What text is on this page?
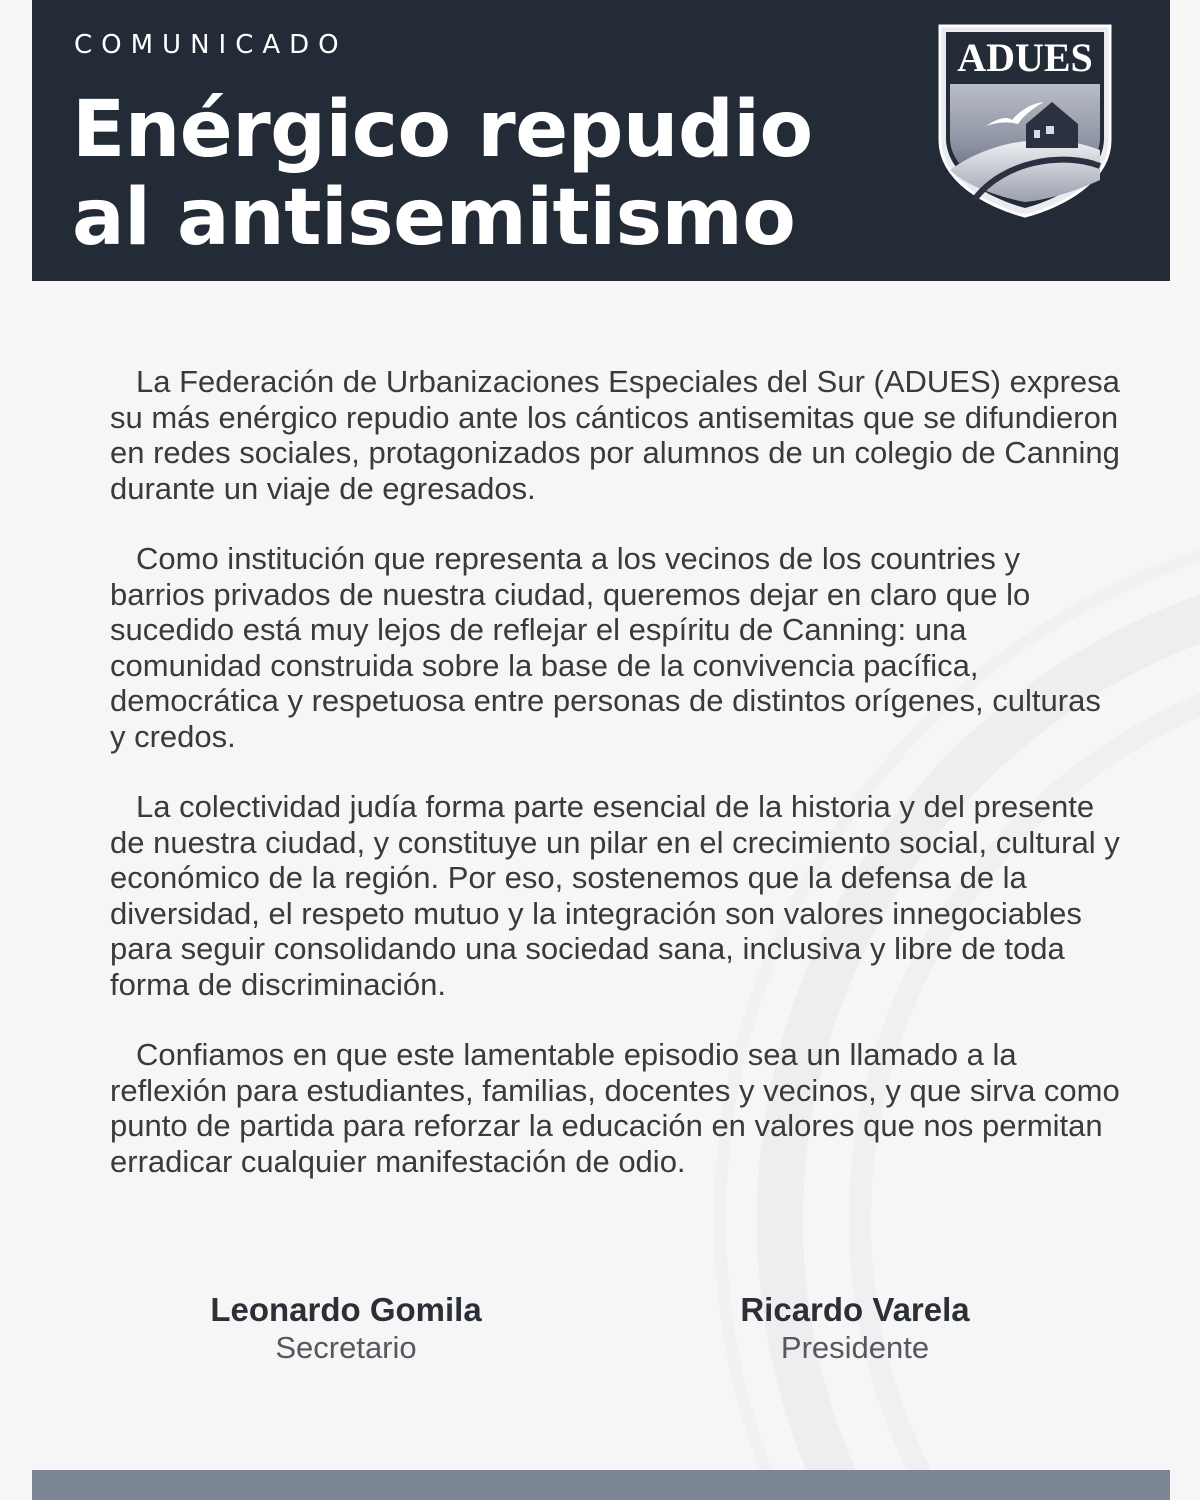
COMUNICADO
Enérgico repudio
al antisemitismo
ADUES

La Federación de Urbanizaciones Especiales del Sur (ADUES) expresa su más enérgico repudio ante los cánticos antisemitas que se difundieron en redes sociales, protagonizados por alumnos de un colegio de Canning durante un viaje de egresados.

Como institución que representa a los vecinos de los countries y barrios privados de nuestra ciudad, queremos dejar en claro que lo sucedido está muy lejos de reflejar el espíritu de Canning: una comunidad construida sobre la base de la convivencia pacífica, democrática y respetuosa entre personas de distintos orígenes, culturas y credos.

La colectividad judía forma parte esencial de la historia y del presente de nuestra ciudad, y constituye un pilar en el crecimiento social, cultural y económico de la región. Por eso, sostenemos que la defensa de la diversidad, el respeto mutuo y la integración son valores innegociables para seguir consolidando una sociedad sana, inclusiva y libre de toda forma de discriminación.

Confiamos en que este lamentable episodio sea un llamado a la reflexión para estudiantes, familias, docentes y vecinos, y que sirva como punto de partida para reforzar la educación en valores que nos permitan erradicar cualquier manifestación de odio.

Leonardo Gomila
Secretario
Ricardo Varela
Presidente
